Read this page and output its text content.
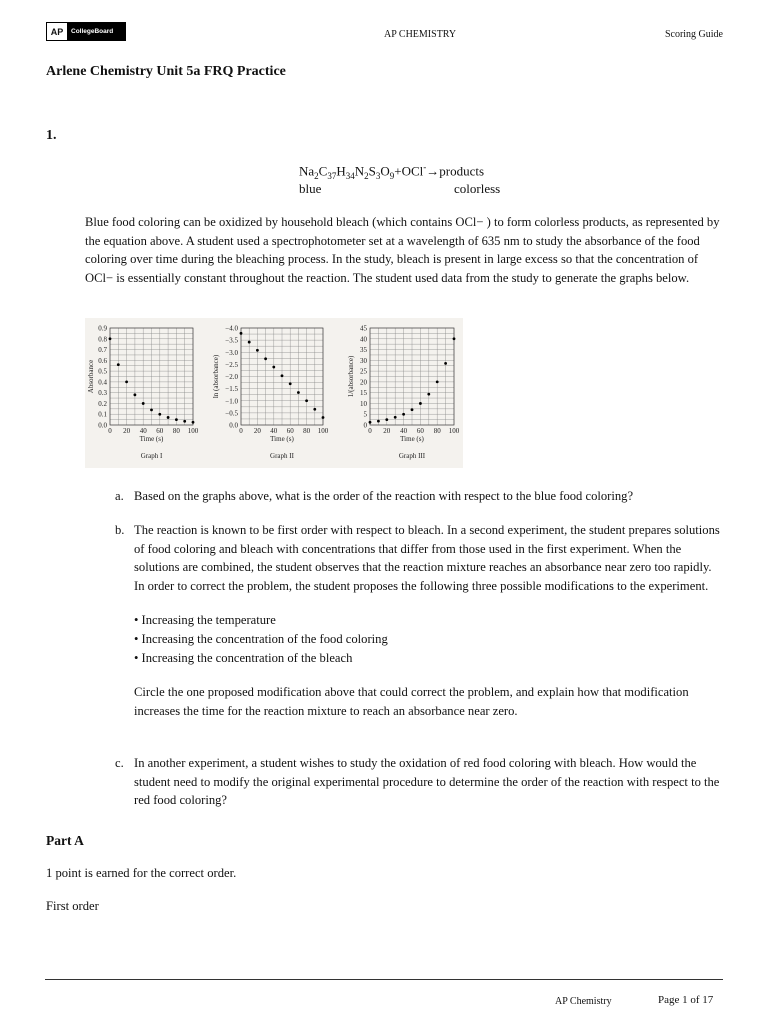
AP	CollegeBoard	AP CHEMISTRY	Scoring Guide
Arlene Chemistry Unit 5a FRQ Practice
1.
$Na_2C_{37}H_{34}N_2S_3O_9+OCl^-\to products$
blue	colorless

Blue food coloring can be oxidized by household bleach (which contains OCl− ) to form colorless products, as represented by the equation above. A student used a spectrophotometer set at a wavelength of 635 nm to study the absorbance of the food coloring over time during the bleaching process. In the study, bleach is present in large excess so that the concentration of OCl− is essentially constant throughout the reaction. The student used data from the study to generate the graphs below.

0.0
0.1
0.2
0.3
0.4
0.5
0.6
0.7
0.8
0.9
0 20 40 60 80 100
Time (s)
Absorbance
Graph I
0.0
−0.5
−1.0
−1.5
−2.0
−2.5
−3.0
−3.5
−4.0
0 20 40 60 80 100
Time (s)
ln (absorbance)
Graph II
0
5
10
15
20
25
30
35
40
45
0 20 40 60 80 100
Time (s)
1/(absorbance)
Graph III
a. Based on the graphs above, what is the order of the reaction with respect to the blue food coloring?

b. The reaction is known to be first order with respect to bleach. In a second experiment, the student prepares solutions of food coloring and bleach with concentrations that differ from those used in the first experiment. When the solutions are combined, the student observes that the reaction mixture reaches an absorbance near zero too rapidly. In order to correct the problem, the student proposes the following three possible modifications to the experiment.

• Increasing the temperature

• Increasing the concentration of the food coloring

• Increasing the concentration of the bleach

Circle the one proposed modification above that could correct the problem, and explain how that modification increases the time for the reaction mixture to reach an absorbance near zero.

c. In another experiment, a student wishes to study the oxidation of red food coloring with bleach. How would the student need to modify the original experimental procedure to determine the order of the reaction with respect to the red food coloring?

Part A
1 point is earned for the correct order.
First order
AP Chemistry	Page 1 of 17
